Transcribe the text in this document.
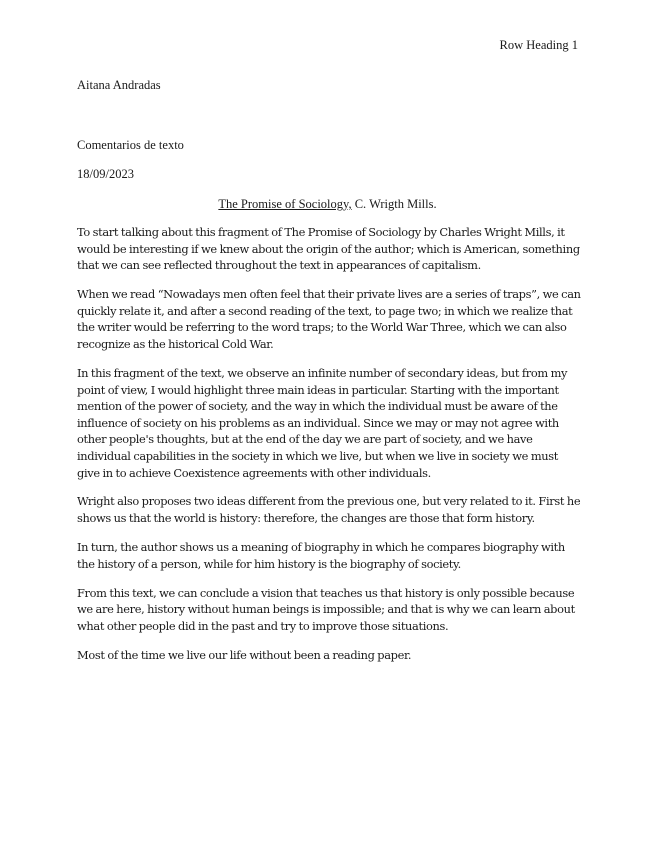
Row Heading 1
Aitana Andradas
Comentarios de texto
18/09/2023
The Promise of Sociology, C. Wrigth Mills.

To start talking about this fragment of The Promise of Sociology by Charles Wright Mills, it would be interesting if we knew about the origin of the author; which is American, something that we can see reflected throughout the text in appearances of capitalism.

When we read “Nowadays men often feel that their private lives are a series of traps”, we can quickly relate it, and after a second reading of the text, to page two; in which we realize that the writer would be referring to the word traps; to the World War Three, which we can also recognize as the historical Cold War.

In this fragment of the text, we observe an infinite number of secondary ideas, but from my point of view, I would highlight three main ideas in particular. Starting with the important mention of the power of society, and the way in which the individual must be aware of the influence of society on his problems as an individual. Since we may or may not agree with other people's thoughts, but at the end of the day we are part of society, and we have individual capabilities in the society in which we live, but when we live in society we must give in to achieve Coexistence agreements with other individuals.

Wright also proposes two ideas different from the previous one, but very related to it. First he shows us that the world is history: therefore, the changes are those that form history.

In turn, the author shows us a meaning of biography in which he compares biography with the history of a person, while for him history is the biography of society.

From this text, we can conclude a vision that teaches us that history is only possible because we are here, history without human beings is impossible; and that is why we can learn about what other people did in the past and try to improve those situations.

Most of the time we live our life without been a reading paper.
